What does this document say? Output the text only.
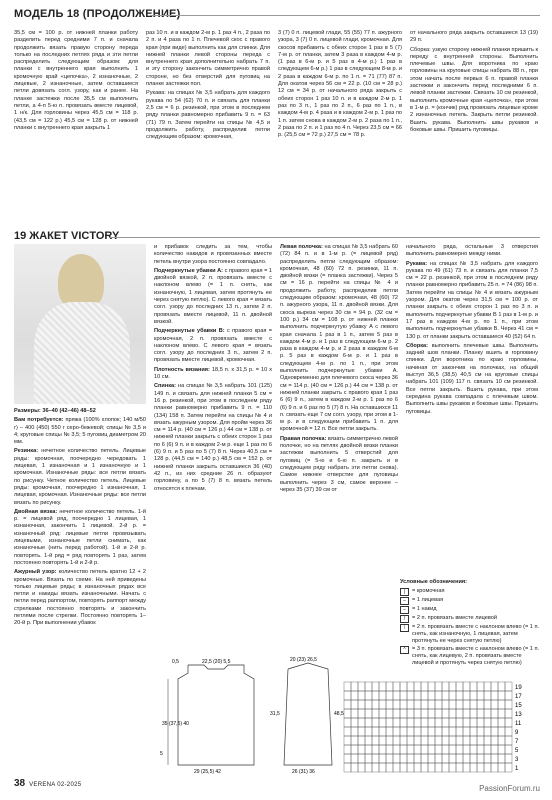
МОДЕЛЬ 18 (ПРОДОЛЖЕНИЕ)

35,5 см = 100 р. от нижней планки работу разделить перед средними 7 п. и сначала продолжить вязать правую сторону переда только на последних петлях ряда и эти петли распределить следующим образом: для планки с внутреннего края выполнить 1 кромочную край «цепочка», 2 изнаночные, 2 лицевые, 2 изнаночные, затем оставшиеся петли довязать согл. узору, как и ранее. На планке застежки после 35,5 см выполнить петли, а 4-п 5-ю п. провязать вместе лицевой, 1 н/к. Для горловины через 45,5 см = 118 р. (43,5 см = 122 р.) 45,5 см = 128 р. от нижней планки с внутреннего края закрыть 1

раз 10 п. и в каждом 2-м р. 1 раз 4 п., 2 раза по 2 п. и 4 раза по 1 п. Плечевой скос с правого края (при виде) выполнить как для спинки. Для нижней планки левой стороны переда с внутреннего края дополнительно набрать 7 п. и эту сторону закончить симметрично правой стороне, но без отверстий для пуговиц на планке застежки пол.

Рукава: на спицах № 3,5 набрать для каждого рукава по 54 (62) 70 п. и связать для планки 2,5 см = 6 р. резинкой, при этом в последнем ряду планки равномерно прибавить 9 п. = 63 (71) 79 п. Затем перейти на спицы № 4,5 и продолжить работу, распределив петли следующим образом: кромочная,

3 (7) 0 п. лицевой глади, 55 (55) 77 п. ажурного узора, 3 (7) 0 п. лицевой глади, кромочная. Для скосов прибавить с обеих сторон 1 раз в 5 (7) 7-м р. от планки, затем 3 раза в каждом 4-м р. (1 раз в 6-м р. и 5 раз в 4-м р.) 1 раз в следующем 6-м р.) 1 раз в следующем 8-м р. и 2 раза в каждом 6-м р. по 1 п. = 71 (77) 87 п. Для окатов через 56 см = 22 р. (10 см = 28 р.) 12 см = 34 р. от начального ряда закрыть с обеих сторон 1 раз 10 п. и в каждом 2-м р. 1 раз по 3 п., 1 раз по 2 п., 6 раз по 1 п., в каждом 4-м р. 4 раза и в каждом 2-м р. 1 раз по 1 п. затем снова в каждом 2-м р. 2 раза по 1 п., 2 раза по 2 п. и 1 раз по 4 п. Через 23,5 см = 66 р. (25,5 см = 72 р.) 27,5 см = 78 р.

от начального ряда закрыть оставшиеся 13 (19) 29 п.

Сборка: узкую сторону нижней планки пришить к переду с внутренней стороны. Выполнить плечевые швы. Для воротника по краю горловины на круговые спицы набрать 88 п., при этом начать после первых 6 п. правой планки застежки и закончить перед последними 6 п. левой планки застежки. Связать 10 см резинкой, выполнить кромочные края «цепочка», при этом в 1-м р. = (кончик) ряд провязать лицевые кроме 2 изнаночных петель. Закрыть петли резинкой. Вшить рукава. Выполнить швы рукавов и боковые швы. Пришить пуговицы.

19 ЖАКЕТ VICTORY

Размеры: 36–40 (42–46) 48–52

Вам потребуется: пряжа (100% хлопок; 140 м/50 г) – 400 (450) 550 г серо-бежевой; спицы № 3,5 и 4; круговые спицы № 3,5; 5 пуговиц диаметром 20 мм.

Резинка: нечетное количество петель. Лицевые ряды: кромочная, поочередно чередовать 1 лицевая, 1 изнаночная и 1 изнаночную и 1 кромочная. Изнаночные ряды: все петли вязать по рисунку. Четное количество петель. Лицевые ряды: кромочная, поочередно 1 изнаночная, 1 лицевая, кромочная. Изнаночные ряды: все петли вязать по рисунку.

Двойная вязка: нечетное количество петель. 1-й р. = лицевой ряд, поочередно 1 лицевая, 1 изнаночная, закончить 1 лицевой. 2-й р. = изнаночный ряд: лицевые петли провязывать лицевыми, изнаночные петли снимать, как изнаночные (нить перед работой). 1-й и 2-й р. повторять. 1-й ряд = ряд повторять 1 раз, затем постоянно повторять 1-й и 2-й р.

Ажурный узор: количество петель кратно 12 + 2 кромочные. Вязать по схеме. На ней приведены только лицевые ряды; в изнаночных рядах все петли и накиды вязать изнаночными. Начать с петли перед раппортом, повторять раппорт между стрелками постоянно повторять и закончить петлями после стрелки. Постоянно повторять 1–20-й р. При выполнении убавок

и прибавок следить за тем, чтобы количество накидов и провязанных вместе петель внутри узора постоянно совпадало.

Подчеркнутые убавки А: с правого края = 1 двойной вязкой, 2 п. провязать вместе с наклоном влево (= 1 п. снять, как изнаночную, 1 лицевая, затем протянуть ее через снятую петлю). С левого края = вязать согл. узору до последних 13 п., затем 2 п. провязать вместе лицевой, 11 п. двойной вязкой.

Подчеркнутые убавки В: с правого края = кромочная, 2 п. провязать вместе с наклоном влево. С левого края = вязать согл. узору до последних 3 п., затем 2 п. провязать вместе лицевой, кромочная.

Плотность вязания: 18,5 п. x 31,5 р. = 10 x 10 см.

Спинка: на спицах № 3,5 набрать 101 (125) 149 п. и связать для нижней планки 5 см = 16 р. резинкой, при этом в последнем ряду планки равномерно прибавить 9 п. = 110 (134) 158 п. Затем перейти на спицы № 4 и вязать ажурным узором. Для пройм через 36 см = 114 р. (40 см = 126 р.) 44 см = 138 р. от нижней планки закрыть с обеих сторон 1 раз по 6 (6) 9 п. и в каждом 2-м р. еще 1 раз по 6 (6) 9 п. и 5 раз по 5 (7) 8 п. Через 40,5 см = 128 р. (44,5 см = 140 р.) 48,5 см = 152 р. от нижней планки закрыть оставшиеся 36 (40) 42 п., из них средние 26 п. образуют горловину, а по 5 (7) 8 п. вязать петель относятся к плечам.

Левая полочка: на спицах № 3,5 набрать 60 (72) 84 п. и в 1-м р. (= лицевой ряд) распределить петли следующим образом: кромочная, 48 (60) 72 п. резинки, 11 п. двойной вязки (= планка застежки). Через 5 см = 16 р. перейти на спицы № 4 и продолжить работу, распределив петли следующим образом: кромочная, 48 (60) 72 п. ажурного узора, 11 п. двойной вязки. Для скоса выреза через 30 см = 94 р. (32 см = 100 р.) 34 см = 108 р. от нижней планки выполнить подчеркнутую убавку А с левого края сначала 1 раз в 1 п., затем 5 раз в каждом 4-м р. и 1 раз в следующем 6-м р. 2 раза в каждом 4-м р. и 2 раза в каждом 6-м р. 5 раз в каждом 6-м р. и 1 раз в следующем 4-м р. по 1 п., при этом выполнить подчеркнутые убавки А. Одновременно для плечевого скоса через 36 см = 114 р. (40 см = 126 р.) 44 см = 138 р. от нижней планки закрыть с правого края 1 раз 6 (6) 9 п., затем в каждом 2-м р. 1 раз по 6 (6) 9 п. и 6 раз по 5 (7) 8 п. На оставшихся 11 п. связать еще 7 см согл. узору, при этом в 1-м р. и в следующем прибавить 1 п. для кромочной = 12 п. Все петли закрыть.

Правая полочка: вязать симметрично левой полочке, но на петлях двойной вязки планки застежки выполнить 5 отверстий для пуговиц (= 5-ю и 6-ю п. закрыть и в следующем ряду набрать эти петли снова). Самое нижнее отверстие для пуговицы выполнить через 3 см, самое верхнее – через 35 (37) 39 см от

начального ряда, остальные 3 отверстия выполнить равномерно между ними.

Рукава: на спицах № 3,5 набрать для каждого рукава по 49 (61) 73 п. и связать для планки 7,5 см = 22 р. резинкой, при этом в последнем ряду планки равномерно прибавить 25 п. = 74 (86) 98 п. Затем перейти на спицы № 4 и вязать ажурным узором. Для окатов через 31,5 см = 100 р. от планки закрыть с обеих сторон 1 раз по 3 п. и выполнить подчеркнутые убавки В 1 раз в 1-м р. и 17 раз в каждом 4-м р. по 1 п., при этом выполнить подчеркнутые убавки В. Через 41 см = 130 р. от планки закрыть оставшиеся 40 (52) 64 п.

Сборка: выполнить плечевые швы. Выполнить задний шов планки. Планку вшить в горловину спинки. Для воротника по краю горловины, начиная от закончив на полочках, на общий выступ 36,5 (38,5) 40,5 см на круговые спицы набрать 101 (109) 117 п. связать 10 см резинкой. Все петли закрыть. Вшить рукава, при этом середина рукава совпадала с плечевым швом. Выполнить швы рукавов и боковые швы. Пришить пуговицы.

Условные обозначения:
|	= кромочная
–	= 1 лицевая
–	= 1 накид
/	= 2 п. провязать вместе лицевой
\	= 2 п. провязать вместе с наклоном влево (= 1 п. снять, как изнаночную, 1 лицевая, затем протянуть ее через снятую петлю)
^	= 3 п. провязать вместе с наклоном влево (= 1 п. снять, как лицевую, 2 п. провязать вместе лицевой и протянуть через снятую петлю)
35 (37,5) 40
22,5 (20) 5,5
29 (25,5) 42
0,5
5
20 (23) 26,5
31,5	48,5
26 (31) 36
19
17
15
13
11
9
7
5
3
1
38 VERENA 02-2025	PassionForum.ru
